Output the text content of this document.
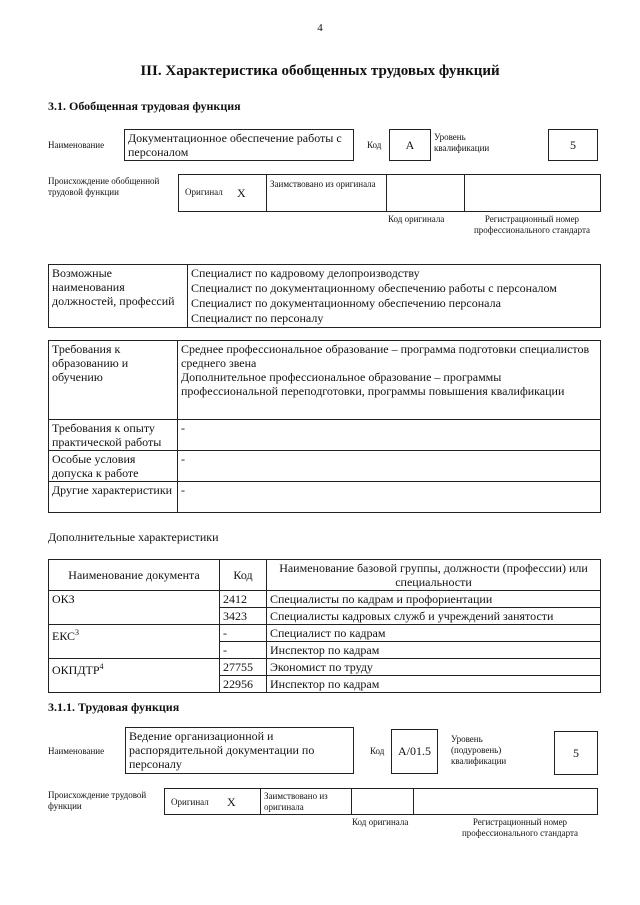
4
III. Характеристика обобщенных трудовых функций
3.1. Обобщенная трудовая функция
Наименование	Документационное обеспечение работы с персоналом	Код	A
Уровень квалификации	5
Происхождение обобщенной трудовой функции	Оригинал X
Заимствовано из оригинала
Код оригинала	Регистрационный номер профессионального стандарта
Возможные наименования должностей, профессий	
Специалист по кадровому делопроизводству
Специалист по документационному обеспечению работы с персоналом
Специалист по документационному обеспечению персонала
Специалист по персоналу
Требования к образованию и обучению	Среднее профессиональное образование – программа подготовки специалистов среднего звена
Дополнительное профессиональное образование – программы профессиональной переподготовки, программы повышения квалификации
Требования к опыту практической работы	-
Особые условия допуска к работе	-
Другие характеристики	-
Дополнительные характеристики
Наименование документа	Код	Наименование базовой группы, должности (профессии) или специальности
ОКЗ	2412	Специалисты по кадрам и профориентации
	3423	Специалисты кадровых служб и учреждений занятости
ЕКС$^3$	-	Специалист по кадрам
	-	Инспектор по кадрам
ОКПДТР$^4$	27755	Экономист по труду
	22956	Инспектор по кадрам
3.1.1. Трудовая функция
Наименование
Ведение организационной и распорядительной документации по персоналу
Код	A/01.5
Уровень (подуровень) квалификации
5
Происхождение трудовой функции	Оригинал X	Заимствовано из оригинала
Код оригинала	Регистрационный номер профессионального стандарта
